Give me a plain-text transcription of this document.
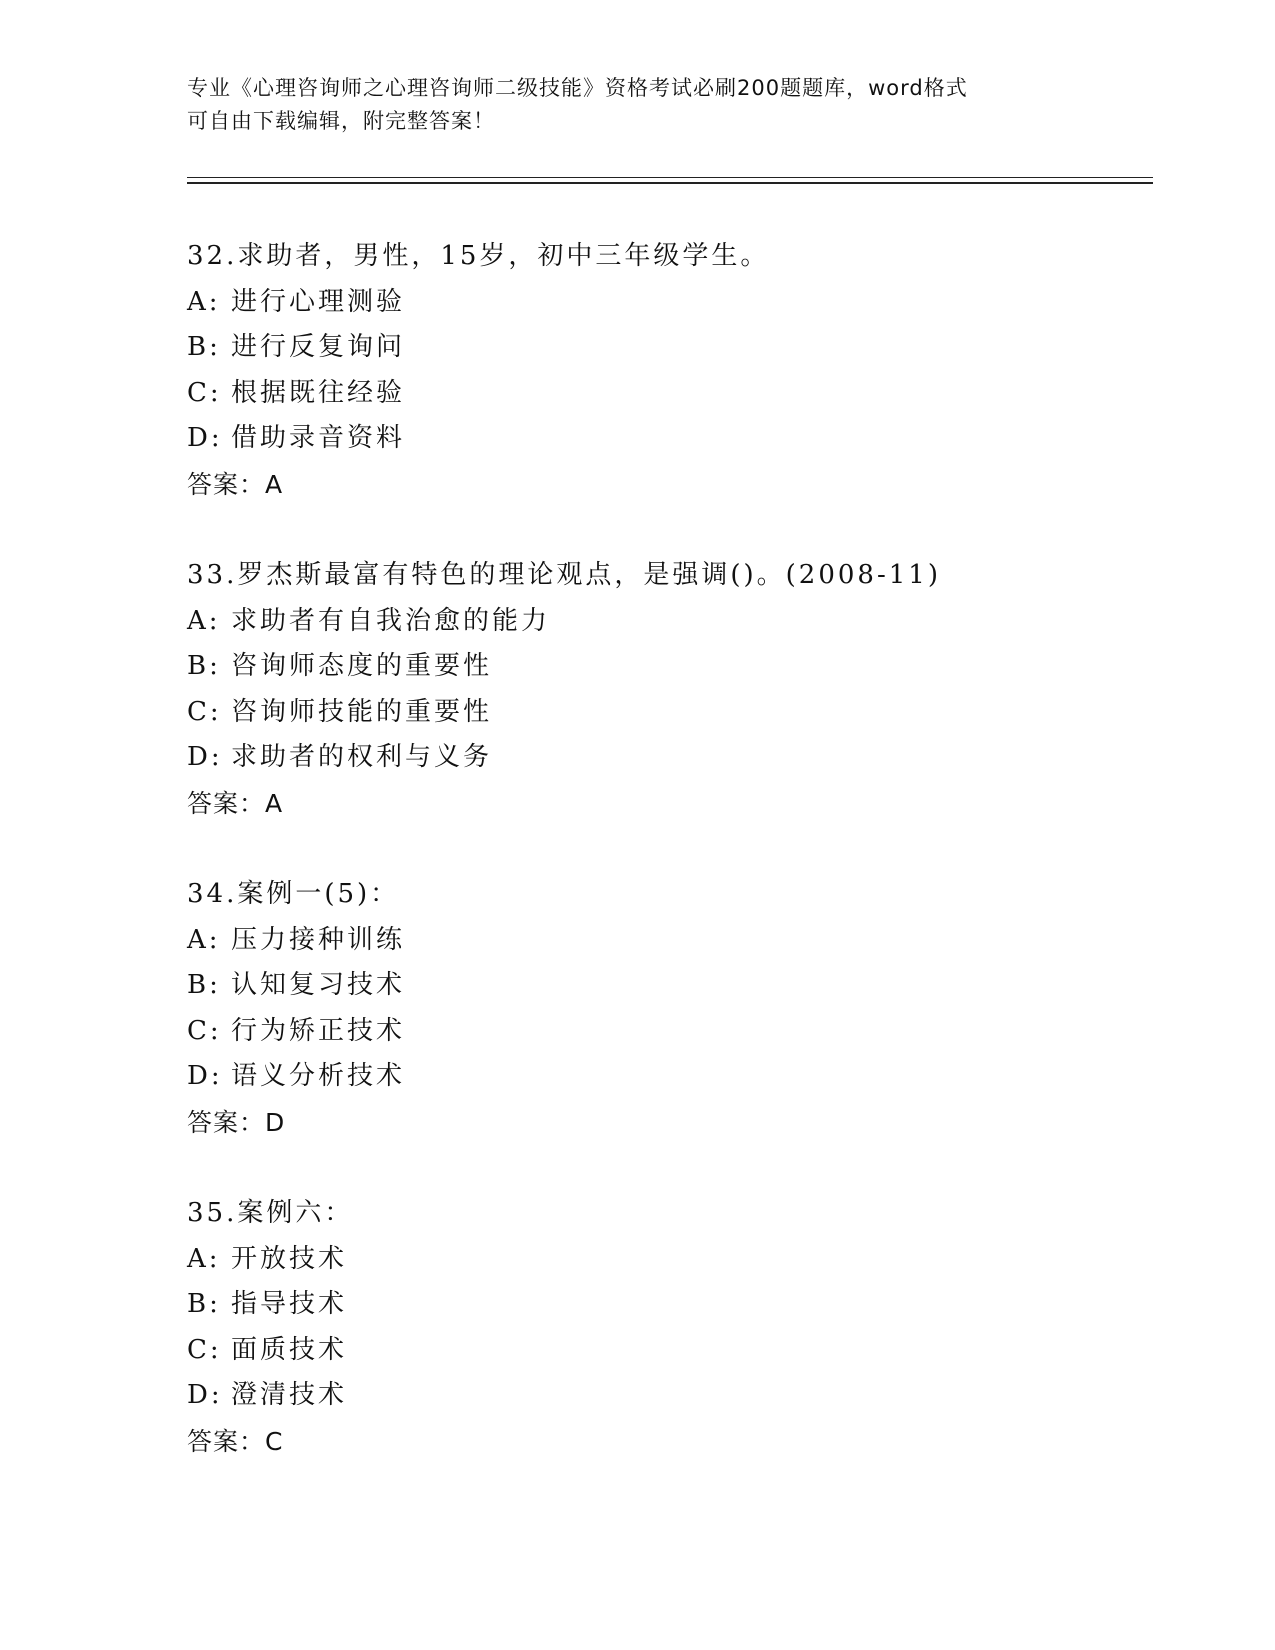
专业《心理咨询师之心理咨询师二级技能》资格考试必刷200题题库，word格式
可自由下载编辑，附完整答案！
32.求助者，男性，15岁，初中三年级学生。
A: 进行心理测验
B: 进行反复询问
C: 根据既往经验
D: 借助录音资料
答案：A
33.罗杰斯最富有特色的理论观点，是强调()。(2008-11)
A: 求助者有自我治愈的能力
B: 咨询师态度的重要性
C: 咨询师技能的重要性
D: 求助者的权利与义务
答案：A
34.案例一(5)：
A: 压力接种训练
B: 认知复习技术
C: 行为矫正技术
D: 语义分析技术
答案：D
35.案例六：
A: 开放技术
B: 指导技术
C: 面质技术
D: 澄清技术
答案：C
